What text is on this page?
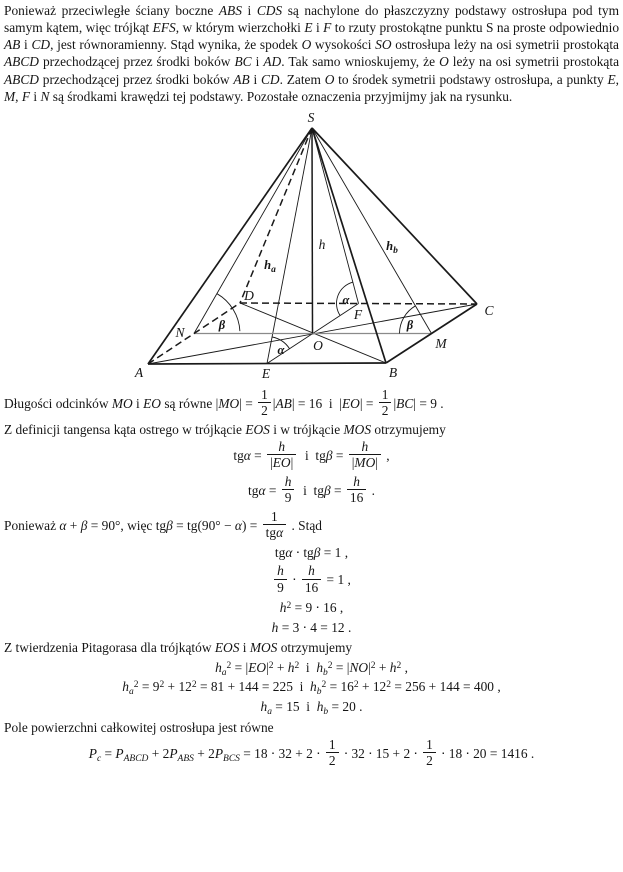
Ponieważ przeciwległe ściany boczne ABS i CDS są nachylone do płaszczyzny podstawy ostrosłupa pod tym samym kątem, więc trójkąt EFS, w którym wierzchołki E i F to rzuty prostokątne punktu S na proste odpowiednio AB i CD, jest równoramienny. Stąd wynika, że spodek O wysokości SO ostrosłupa leży na osi symetrii prostokąta ABCD przechodzącej przez środki boków BC i AD. Tak samo wnioskujemy, że O leży na osi symetrii prostokąta ABCD przechodzącej przez środki boków AB i CD. Zatem O to środek symetrii podstawy ostrosłupa, a punkty E, M, F i N są środkami krawędzi tej podstawy. Pozostałe oznaczenia przyjmijmy jak na rysunku.

S
A	B
C
D
E
F
M
N
O
h
$h_a$
$h_b$
α
α
β	β

Długości odcinków MO i EO są równe $|MO| = \frac{1}{2} |AB| = 16$ i $|EO| = \frac{1}{2} |BC| = 9$ .

Z definicji tangensa kąta ostrego w trójkącie EOS i w trójkącie MOS otrzymujemy

$tg\alpha = \frac{h}{|EO|}$  i $tg\beta = \frac{h}{|MO|}$ ,
$tg\alpha = \frac{h}{9}$  i $tg\beta = \frac{h}{16}$ .

Ponieważ α + β = 90°, więc $tg\beta = tg(90^\circ - \alpha) = \frac{1}{\text{tgα}}$ . Stąd

tgα ⋅ tgβ = 1 ,
$\frac{h}{9} \cdot \frac{h}{16} = 1$ ,
$h^2 = 9 \cdot 16$ ,
h = 3 ⋅ 4 = 12 .

Z twierdzenia Pitagorasa dla trójkątów EOS i MOS otrzymujemy

$h_a^2 = |EO|^2 + h^2$ i $h_b^2 = |NO|^2 + h^2$ ,
$h_a^2 = 9^2 + 12^2 = 81 + 144 = 225$ i $h_b^2 = 16^2 + 12^2 = 256 + 144 = 400$ ,
$h_a = 15$ i $h_b = 20$ .

Pole powierzchni całkowitej ostrosłupa jest równe

$P_c = P_{ABCD} + 2P_{ABS} + 2P_{BCS} = 18 \cdot 32 + 2 \cdot \frac{1}{2} \cdot 32 \cdot 15 + 2 \cdot \frac{1}{2} \cdot 18 \cdot 20 = 1416$ .
